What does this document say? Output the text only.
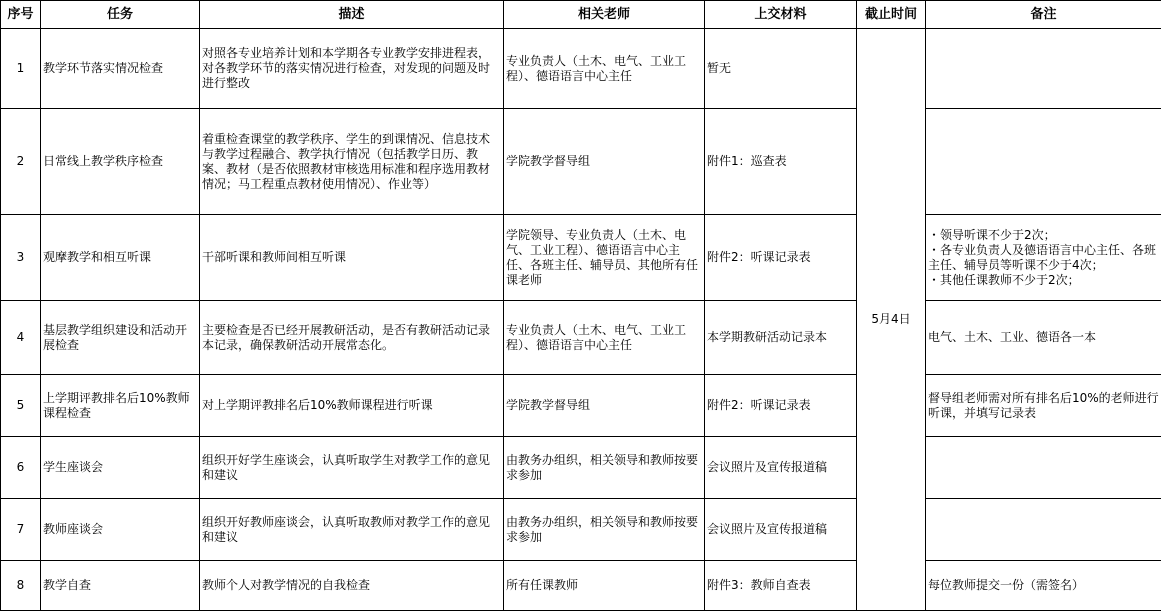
序号	任务	描述	相关老师	上交材料	截止时间	备注
1	教学环节落实情况检查	对照各专业培养计划和本学期各专业教学安排进程表，对各教学环节的落实情况进行检查，对发现的问题及时进行整改	专业负责人（土木、电气、工业工程）、德语语言中心主任	暂无	5月4日	
2	日常线上教学秩序检查	着重检查课堂的教学秩序、学生的到课情况、信息技术与教学过程融合、教学执行情况（包括教学日历、教案、教材（是否依照教材审核选用标准和程序选用教材情况；马工程重点教材使用情况）、作业等）	学院教学督导组	附件1：巡查表		
3	观摩教学和相互听课	干部听课和教师间相互听课	学院领导、专业负责人（土木、电气、工业工程）、德语语言中心主任、各班主任、辅导员、其他所有任课老师	附件2：听课记录表		・领导听课不少于2次；
・各专业负责人及德语语言中心主任、各班主任、辅导员等听课不少于4次；
・其他任课教师不少于2次；

4	基层教学组织建设和活动开展检查	主要检查是否已经开展教研活动，是否有教研活动记录本记录，确保教研活动开展常态化。	专业负责人（土木、电气、工业工程）、德语语言中心主任	本学期教研活动记录本		电气、土木、工业、德语各一本
5	上学期评教排名后10%教师课程检查	对上学期评教排名后10%教师课程进行听课	学院教学督导组	附件2：听课记录表		督导组老师需对所有排名后10%的老师进行听课，并填写记录表
6	学生座谈会	组织开好学生座谈会，认真听取学生对教学工作的意见和建议	由教务办组织，相关领导和教师按要求参加	会议照片及宣传报道稿		
7	教师座谈会	组织开好教师座谈会，认真听取教师对教学工作的意见和建议	由教务办组织，相关领导和教师按要求参加	会议照片及宣传报道稿		
8	教学自查	教师个人对教学情况的自我检查	所有任课教师	附件3：教师自查表		每位教师提交一份（需签名）
